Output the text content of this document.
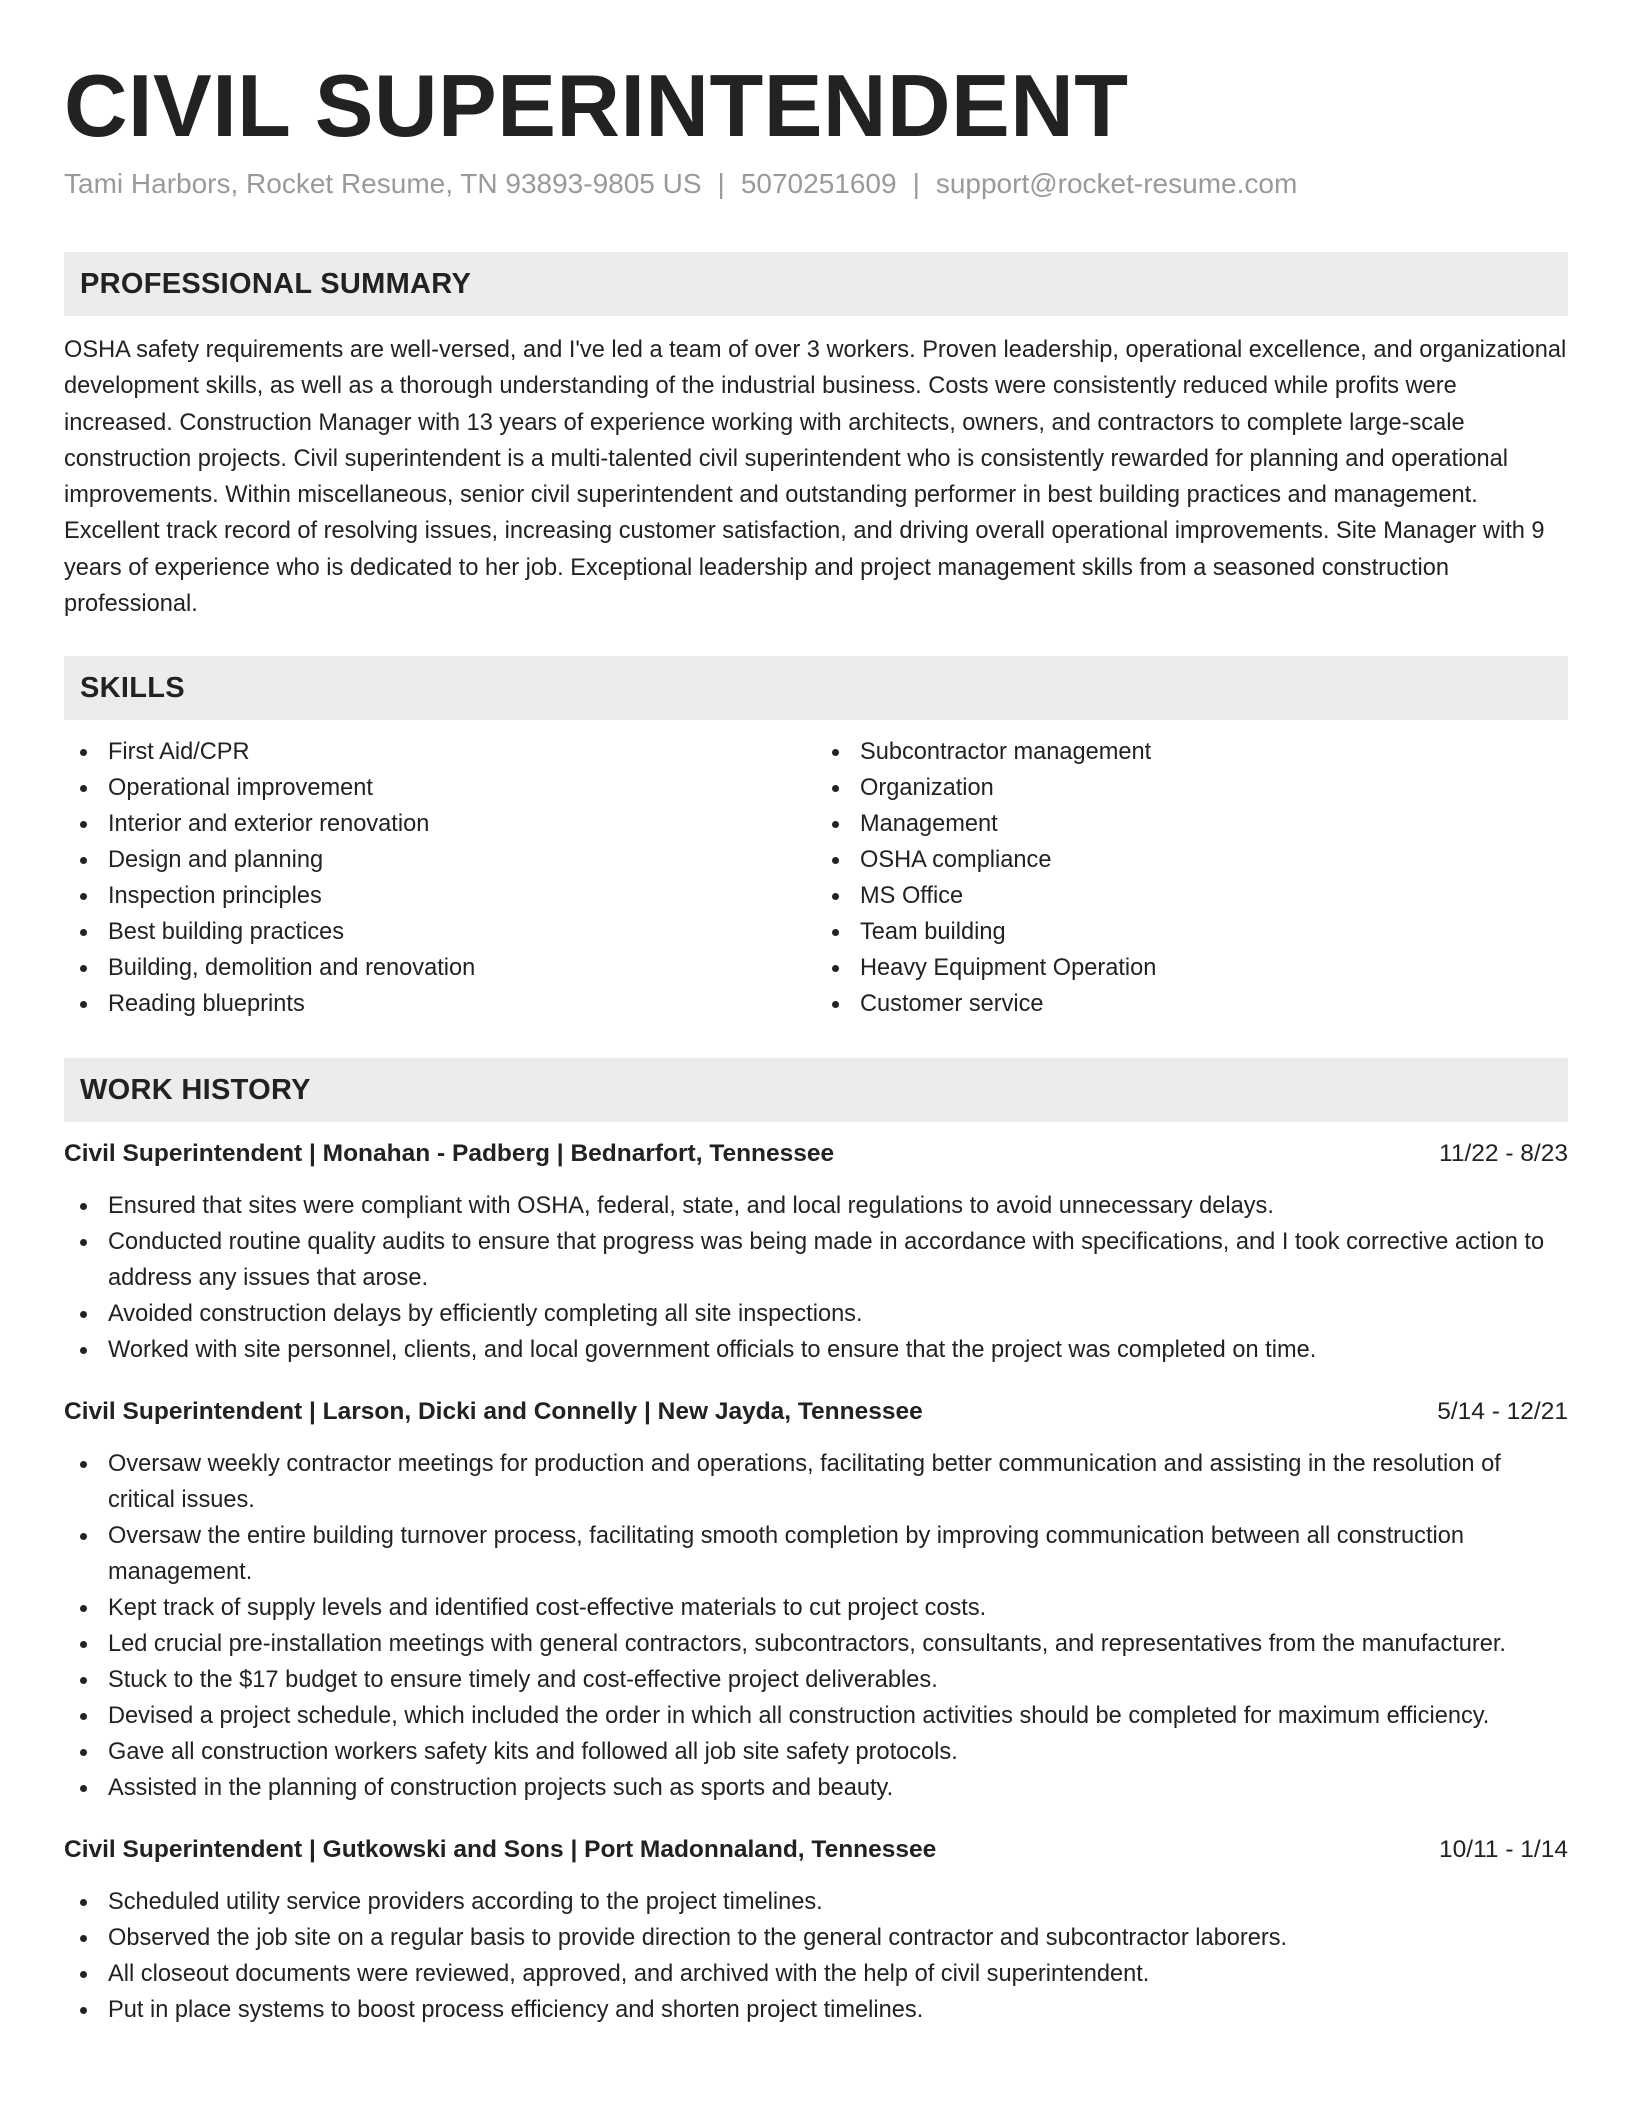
CIVIL SUPERINTENDENT
Tami Harbors, Rocket Resume, TN 93893-9805 US | 5070251609 | support@rocket-resume.com
PROFESSIONAL SUMMARY

OSHA safety requirements are well-versed, and I've led a team of over 3 workers. Proven leadership, operational excellence, and organizational development skills, as well as a thorough understanding of the industrial business. Costs were consistently reduced while profits were increased. Construction Manager with 13 years of experience working with architects, owners, and contractors to complete large-scale construction projects. Civil superintendent is a multi-talented civil superintendent who is consistently rewarded for planning and operational improvements. Within miscellaneous, senior civil superintendent and outstanding performer in best building practices and management. Excellent track record of resolving issues, increasing customer satisfaction, and driving overall operational improvements. Site Manager with 9 years of experience who is dedicated to her job. Exceptional leadership and project management skills from a seasoned construction professional.

SKILLS
First Aid/CPR
Operational improvement
Interior and exterior renovation
Design and planning
Inspection principles
Best building practices
Building, demolition and renovation
Reading blueprints
Subcontractor management
Organization
Management
OSHA compliance
MS Office
Team building
Heavy Equipment Operation
Customer service
WORK HISTORY
Civil Superintendent | Monahan - Padberg | Bednarfort, Tennessee	11/22 - 8/23
Ensured that sites were compliant with OSHA, federal, state, and local regulations to avoid unnecessary delays.
Conducted routine quality audits to ensure that progress was being made in accordance with specifications, and I took corrective action to address any issues that arose.
Avoided construction delays by efficiently completing all site inspections.
Worked with site personnel, clients, and local government officials to ensure that the project was completed on time.
Civil Superintendent | Larson, Dicki and Connelly | New Jayda, Tennessee	5/14 - 12/21
Oversaw weekly contractor meetings for production and operations, facilitating better communication and assisting in the resolution of critical issues.
Oversaw the entire building turnover process, facilitating smooth completion by improving communication between all construction management.
Kept track of supply levels and identified cost-effective materials to cut project costs.
Led crucial pre-installation meetings with general contractors, subcontractors, consultants, and representatives from the manufacturer.
Stuck to the $17 budget to ensure timely and cost-effective project deliverables.
Devised a project schedule, which included the order in which all construction activities should be completed for maximum efficiency.
Gave all construction workers safety kits and followed all job site safety protocols.
Assisted in the planning of construction projects such as sports and beauty.
Civil Superintendent | Gutkowski and Sons | Port Madonnaland, Tennessee	10/11 - 1/14
Scheduled utility service providers according to the project timelines.
Observed the job site on a regular basis to provide direction to the general contractor and subcontractor laborers.
All closeout documents were reviewed, approved, and archived with the help of civil superintendent.
Put in place systems to boost process efficiency and shorten project timelines.
